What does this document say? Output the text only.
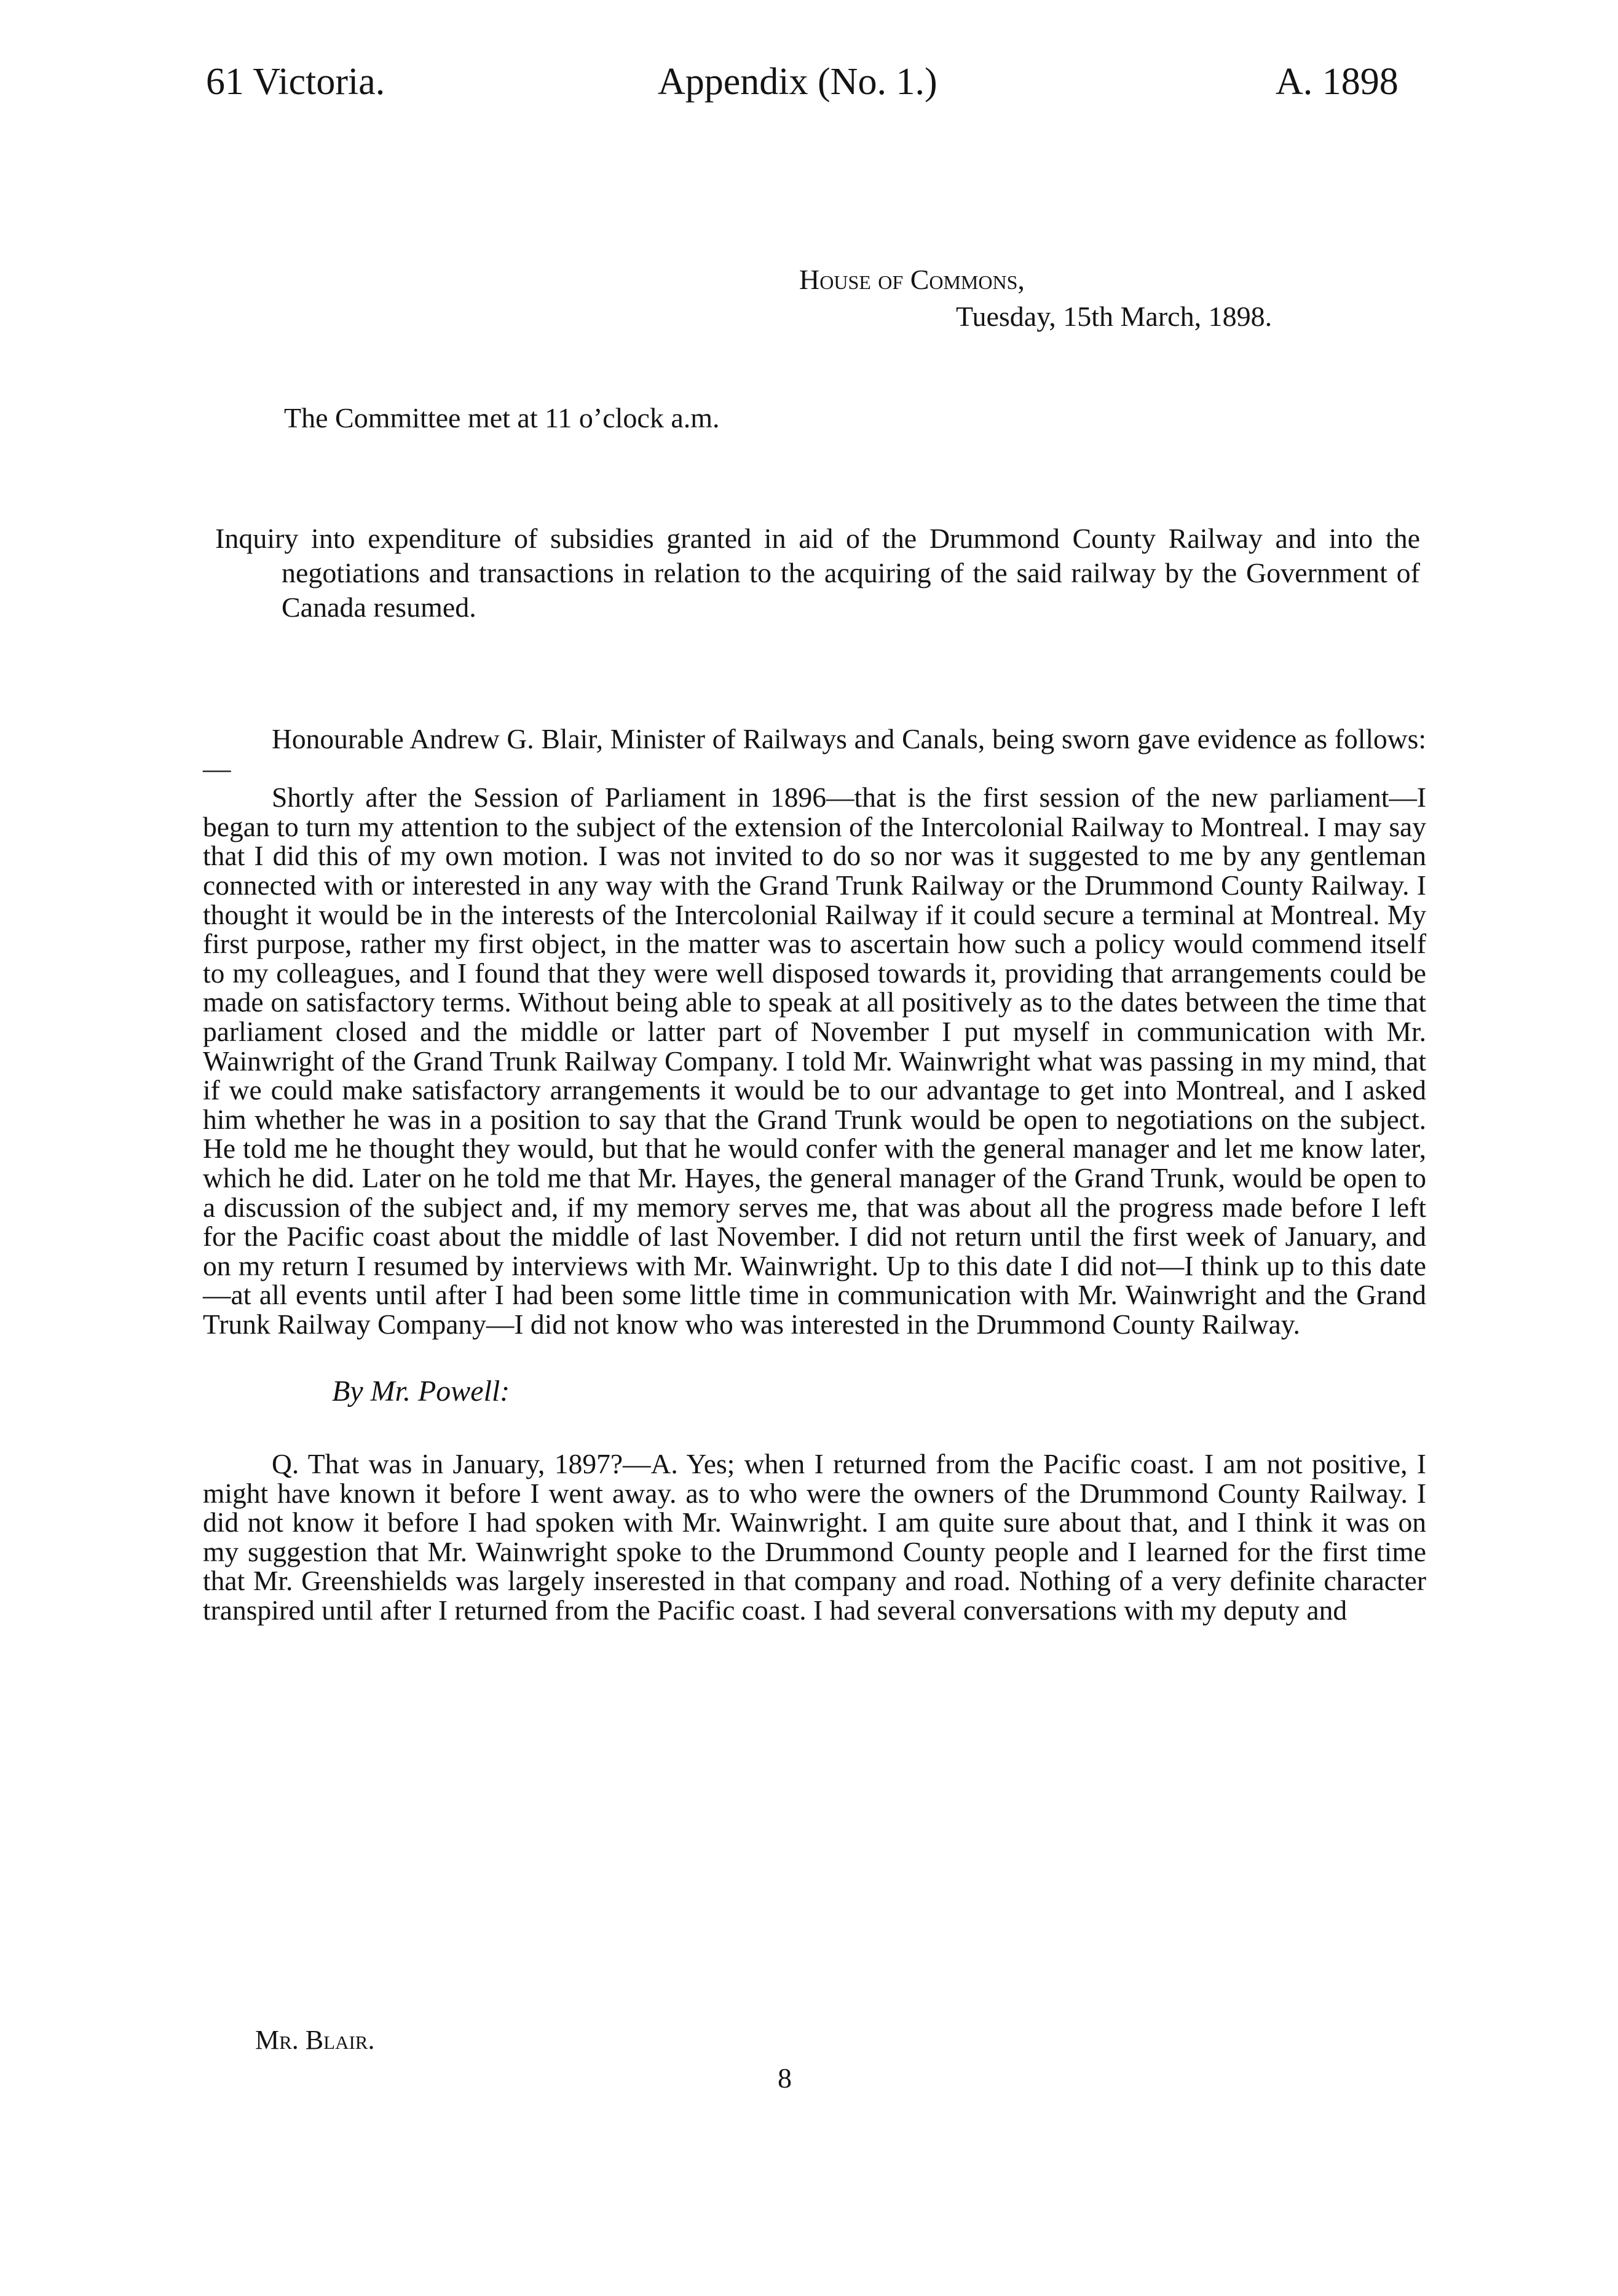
61 Victoria.	Appendix (No. 1.)	A. 1898
House of Commons,
Tuesday, 15th March, 1898.
The Committee met at 11 o’clock a.m.
Inquiry into expenditure of subsidies granted in aid of the Drummond County Railway and into the negotiations and transactions in relation to the acquiring of the said railway by the Government of Canada resumed.

Honourable Andrew G. Blair, Minister of Railways and Canals, being sworn gave evidence as follows:—

Shortly after the Session of Parliament in 1896—that is the first session of the new parliament—I began to turn my attention to the subject of the extension of the Intercolonial Railway to Montreal. I may say that I did this of my own motion. I was not invited to do so nor was it suggested to me by any gentleman connected with or interested in any way with the Grand Trunk Railway or the Drummond County Railway. I thought it would be in the interests of the Intercolonial Railway if it could secure a terminal at Montreal. My first purpose, rather my first object, in the matter was to ascertain how such a policy would commend itself to my colleagues, and I found that they were well disposed towards it, providing that arrangements could be made on satisfactory terms. Without being able to speak at all positively as to the dates between the time that parliament closed and the middle or latter part of November I put myself in communication with Mr. Wainwright of the Grand Trunk Railway Company. I told Mr. Wainwright what was passing in my mind, that if we could make satisfactory arrangements it would be to our advantage to get into Montreal, and I asked him whether he was in a position to say that the Grand Trunk would be open to negotiations on the subject. He told me he thought they would, but that he would confer with the general manager and let me know later, which he did. Later on he told me that Mr. Hayes, the general manager of the Grand Trunk, would be open to a discussion of the subject and, if my memory serves me, that was about all the progress made before I left for the Pacific coast about the middle of last November. I did not return until the first week of January, and on my return I resumed by interviews with Mr. Wainwright. Up to this date I did not—I think up to this date—at all events until after I had been some little time in communication with Mr. Wainwright and the Grand Trunk Railway Company—I did not know who was interested in the Drummond County Railway.

By Mr. Powell:

Q. That was in January, 1897?—A. Yes; when I returned from the Pacific coast. I am not positive, I might have known it before I went away. as to who were the owners of the Drummond County Railway. I did not know it before I had spoken with Mr. Wainwright. I am quite sure about that, and I think it was on my suggestion that Mr. Wainwright spoke to the Drummond County people and I learned for the first time that Mr. Greenshields was largely inserested in that company and road. Nothing of a very definite character transpired until after I returned from the Pacific coast. I had several conversations with my deputy and

Mr. Blair.
8
